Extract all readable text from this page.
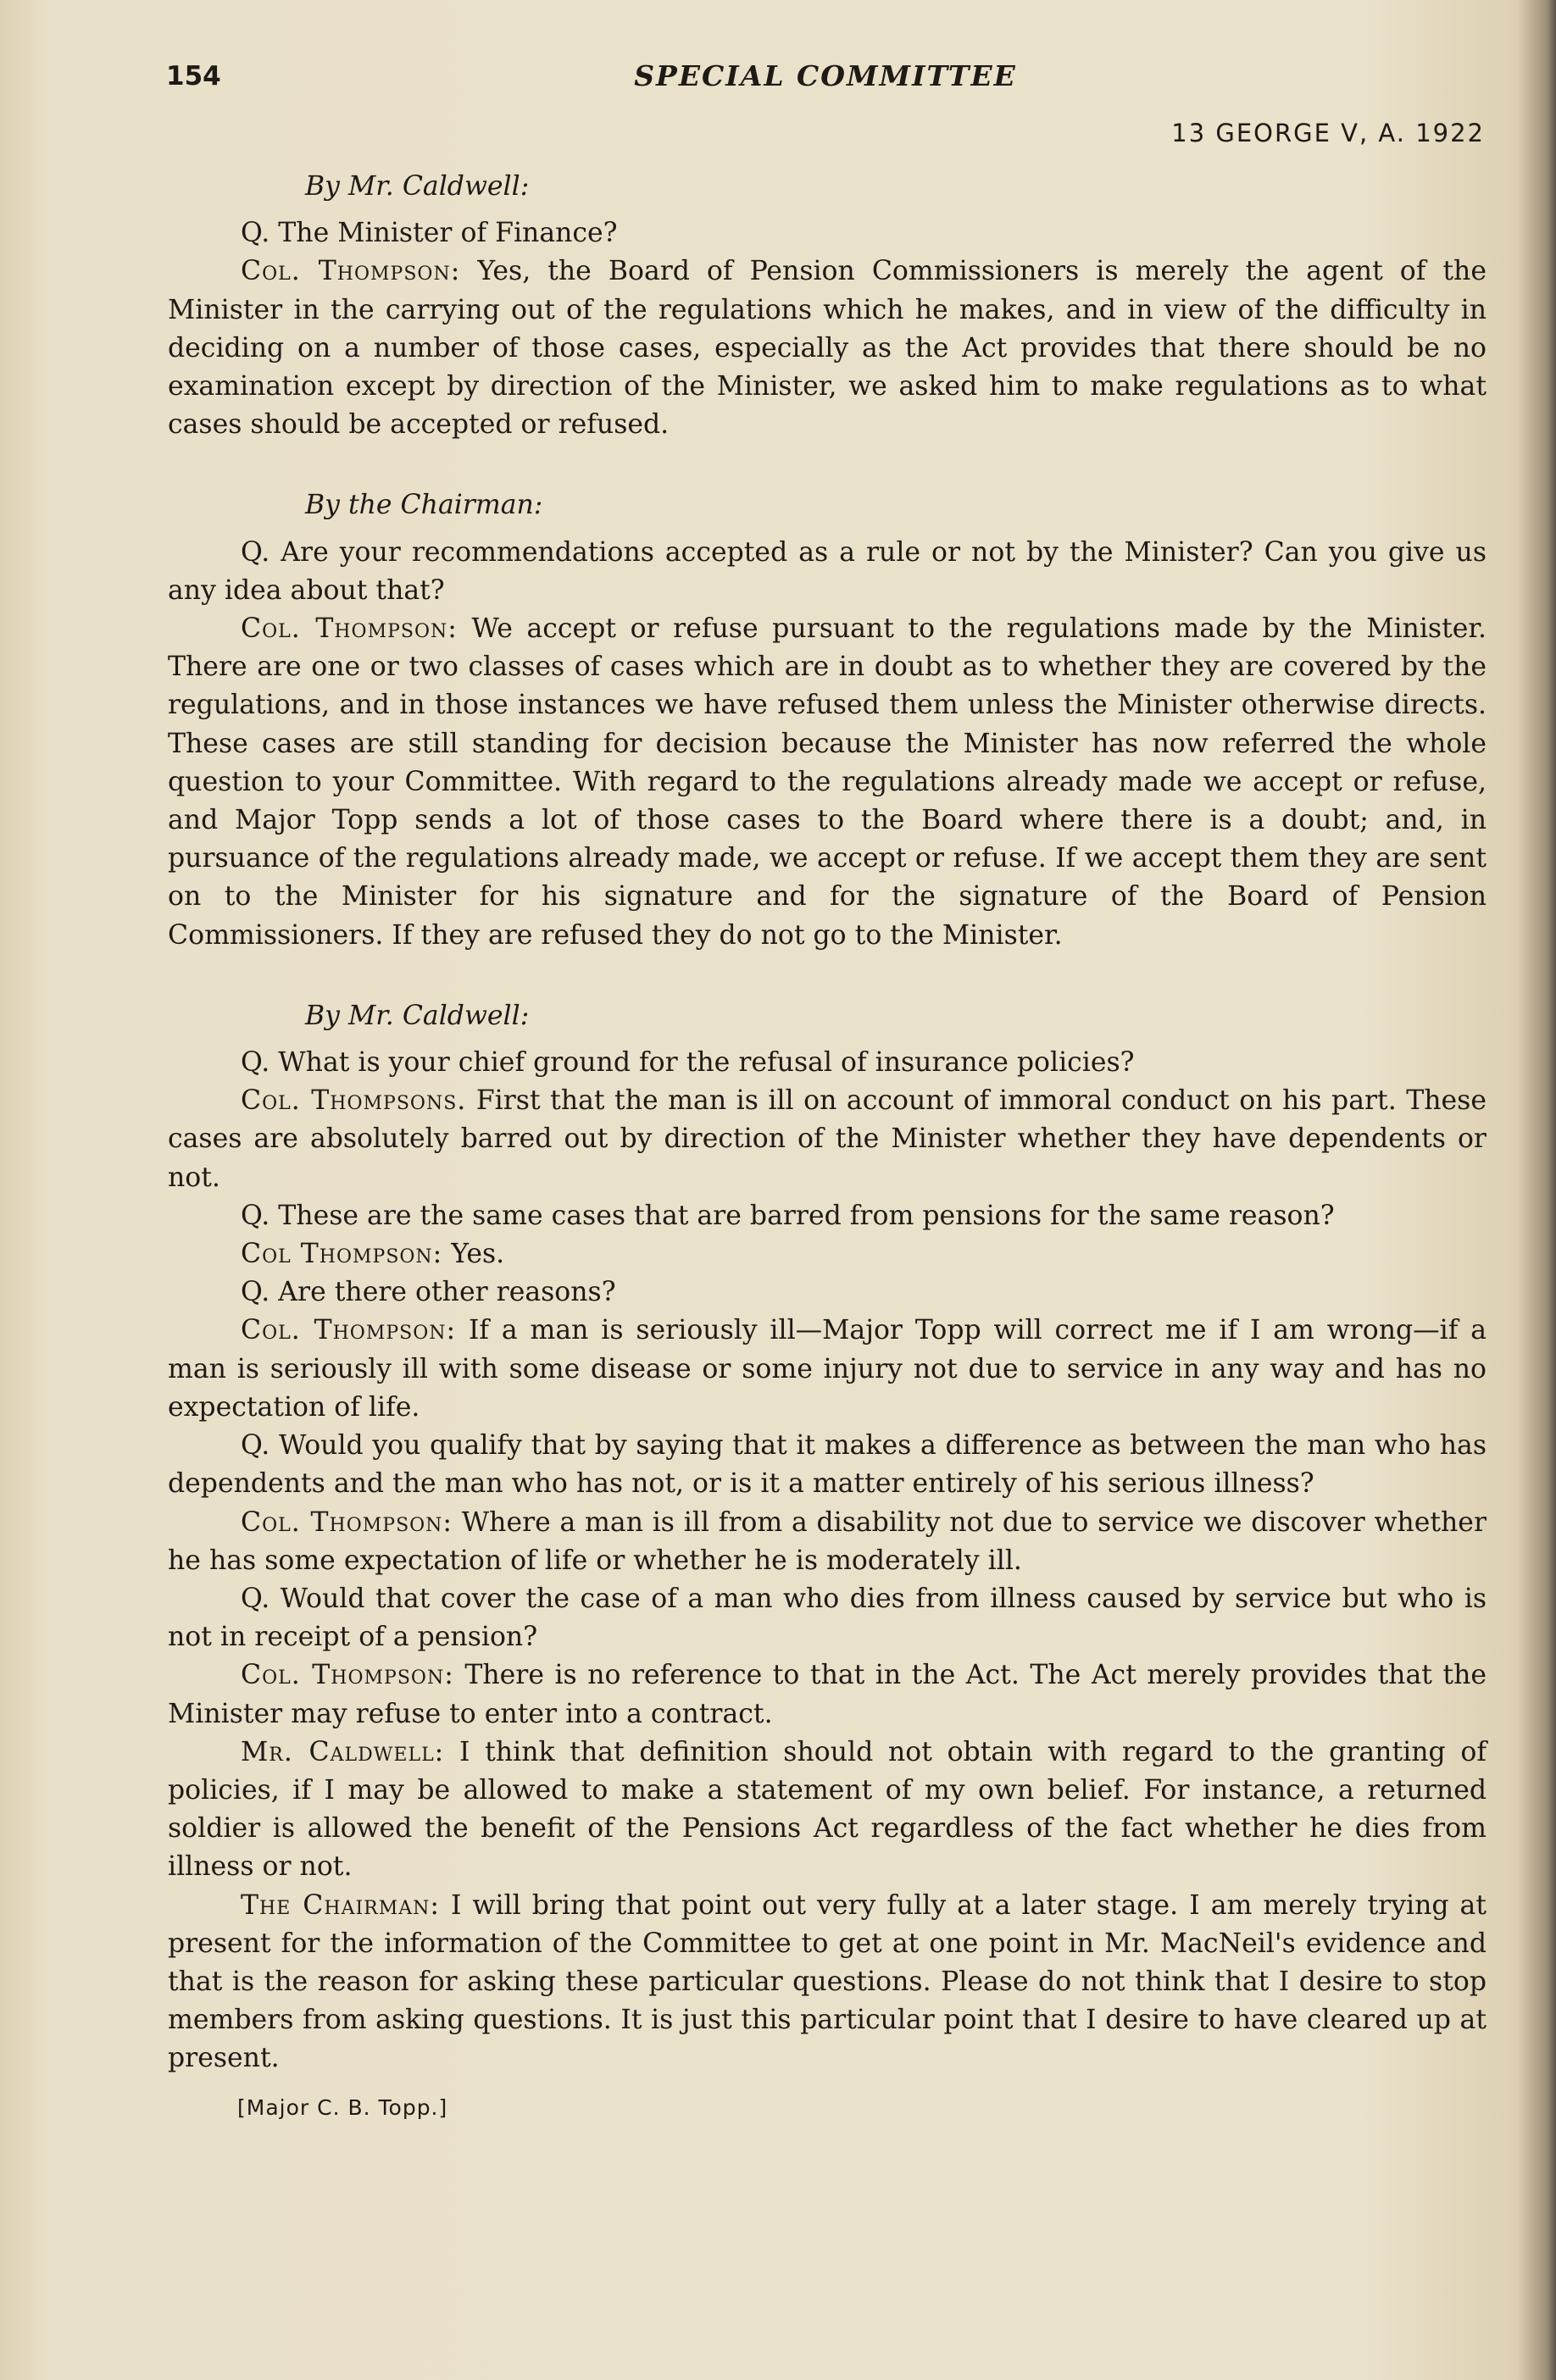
154	SPECIAL COMMITTEE
13 GEORGE V, A. 1922
By Mr. Caldwell:

Q. The Minister of Finance?

Col. Thompson: Yes, the Board of Pension Commissioners is merely the agent of the Minister in the carrying out of the regulations which he makes, and in view of the difficulty in deciding on a number of those cases, especially as the Act provides that there should be no examination except by direction of the Minister, we asked him to make regulations as to what cases should be accepted or refused.

By the Chairman:

Q. Are your recommendations accepted as a rule or not by the Minister? Can you give us any idea about that?

Col. Thompson: We accept or refuse pursuant to the regulations made by the Minister. There are one or two classes of cases which are in doubt as to whether they are covered by the regulations, and in those instances we have refused them unless the Minister otherwise directs. These cases are still standing for decision because the Minister has now referred the whole question to your Committee. With regard to the regulations already made we accept or refuse, and Major Topp sends a lot of those cases to the Board where there is a doubt; and, in pursuance of the regulations already made, we accept or refuse. If we accept them they are sent on to the Minister for his signature and for the signature of the Board of Pension Commissioners. If they are refused they do not go to the Minister.

By Mr. Caldwell:

Q. What is your chief ground for the refusal of insurance policies?

Col. Thompsons. First that the man is ill on account of immoral conduct on his part. These cases are absolutely barred out by direction of the Minister whether they have dependents or not.

Q. These are the same cases that are barred from pensions for the same reason?

Col Thompson: Yes.

Q. Are there other reasons?

Col. Thompson: If a man is seriously ill—Major Topp will correct me if I am wrong—if a man is seriously ill with some disease or some injury not due to service in any way and has no expectation of life.

Q. Would you qualify that by saying that it makes a difference as between the man who has dependents and the man who has not, or is it a matter entirely of his serious illness?

Col. Thompson: Where a man is ill from a disability not due to service we discover whether he has some expectation of life or whether he is moderately ill.

Q. Would that cover the case of a man who dies from illness caused by service but who is not in receipt of a pension?

Col. Thompson: There is no reference to that in the Act. The Act merely provides that the Minister may refuse to enter into a contract.

Mr. Caldwell: I think that definition should not obtain with regard to the granting of policies, if I may be allowed to make a statement of my own belief. For instance, a returned soldier is allowed the benefit of the Pensions Act regardless of the fact whether he dies from illness or not.

The Chairman: I will bring that point out very fully at a later stage. I am merely trying at present for the information of the Committee to get at one point in Mr. MacNeil's evidence and that is the reason for asking these particular questions. Please do not think that I desire to stop members from asking questions. It is just this particular point that I desire to have cleared up at present.

[Major C. B. Topp.]
